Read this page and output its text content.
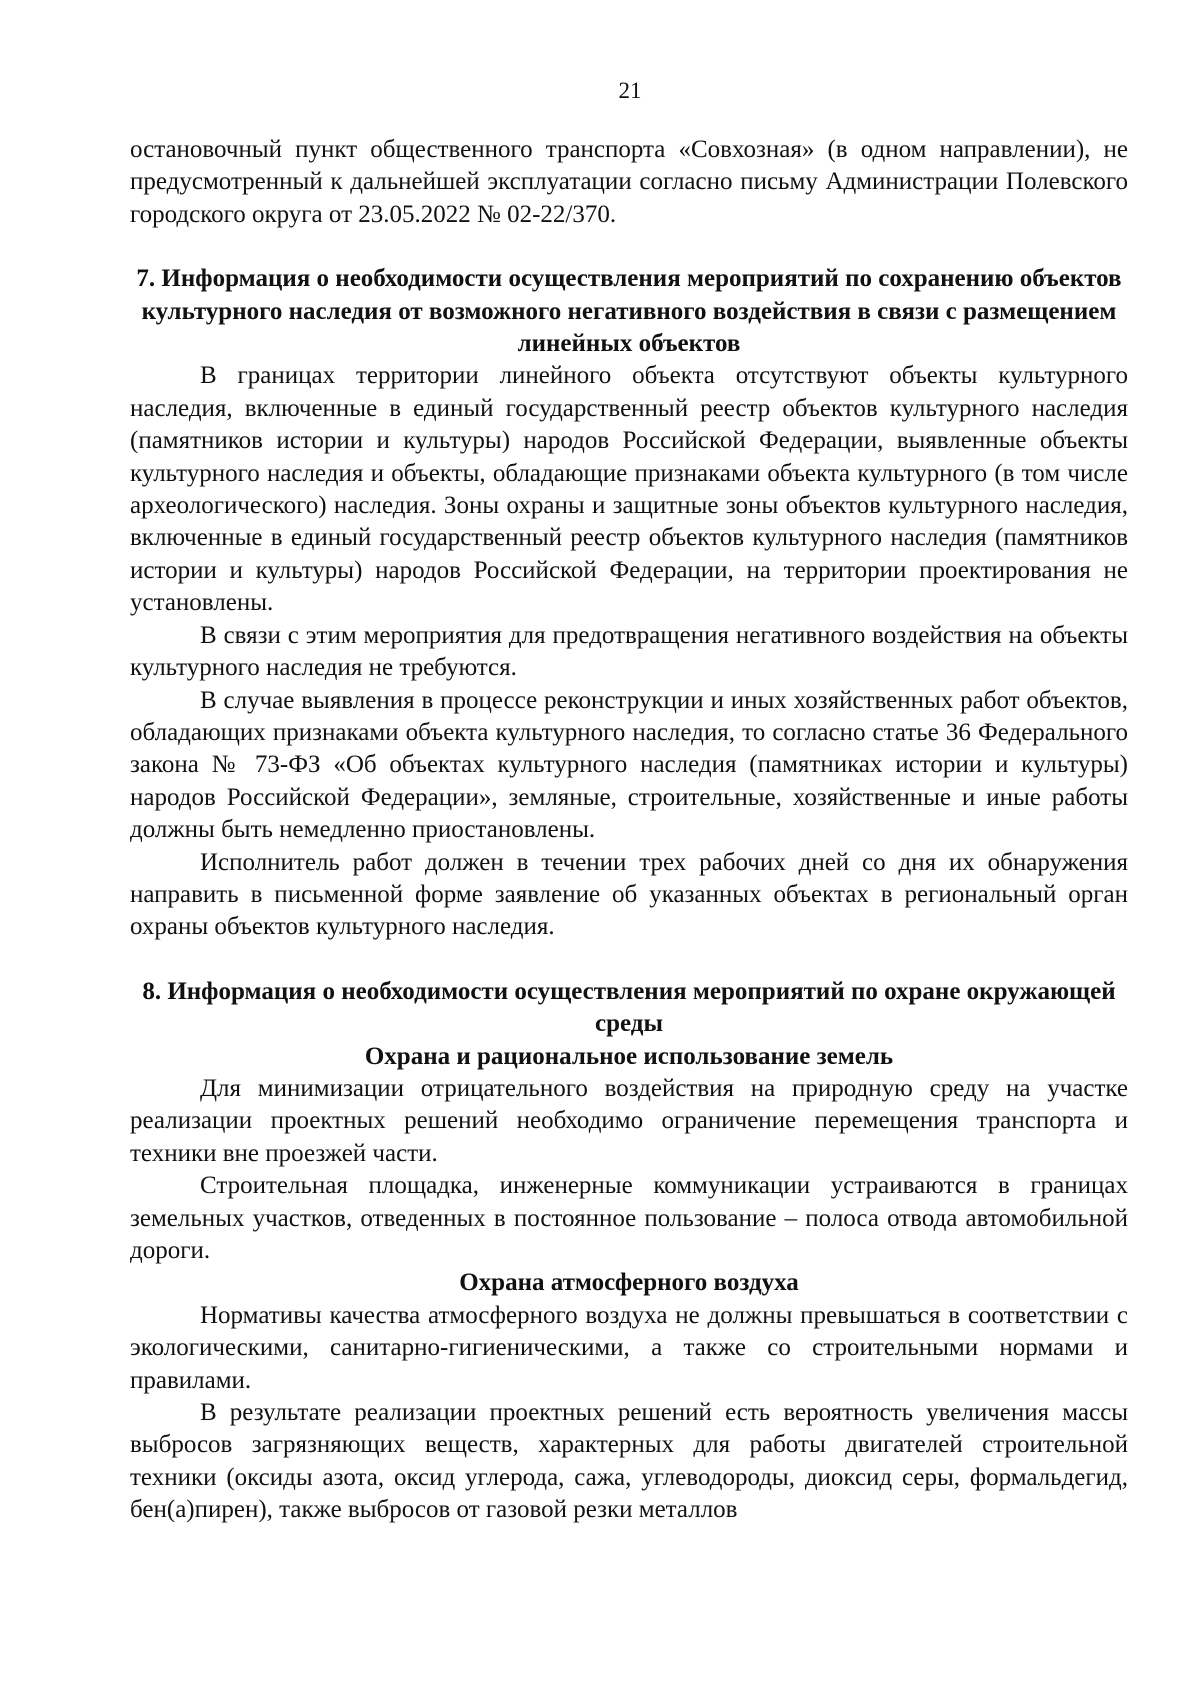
21

остановочный пункт общественного транспорта «Совхозная» (в одном направлении), не предусмотренный к дальнейшей эксплуатации согласно письму Администрации Полевского городского округа от 23.05.2022 № 02-22/370.

7. Информация о необходимости осуществления мероприятий по сохранению объектов культурного наследия от возможного негативного воздействия в связи с размещением линейных объектов

В границах территории линейного объекта отсутствуют объекты культурного наследия, включенные в единый государственный реестр объектов культурного наследия (памятников истории и культуры) народов Российской Федерации, выявленные объекты культурного наследия и объекты, обладающие признаками объекта культурного (в том числе археологического) наследия. Зоны охраны и защитные зоны объектов культурного наследия, включенные в единый государственный реестр объектов культурного наследия (памятников истории и культуры) народов Российской Федерации, на территории проектирования не установлены.

В связи с этим мероприятия для предотвращения негативного воздействия на объекты культурного наследия не требуются.

В случае выявления в процессе реконструкции и иных хозяйственных работ объектов, обладающих признаками объекта культурного наследия, то согласно статье 36 Федерального закона № 73-ФЗ «Об объектах культурного наследия (памятниках истории и культуры) народов Российской Федерации», земляные, строительные, хозяйственные и иные работы должны быть немедленно приостановлены.

Исполнитель работ должен в течении трех рабочих дней со дня их обнаружения направить в письменной форме заявление об указанных объектах в региональный орган охраны объектов культурного наследия.

8. Информация о необходимости осуществления мероприятий по охране окружающей среды
Охрана и рациональное использование земель

Для минимизации отрицательного воздействия на природную среду на участке реализации проектных решений необходимо ограничение перемещения транспорта и техники вне проезжей части.

Строительная площадка, инженерные коммуникации устраиваются в границах земельных участков, отведенных в постоянное пользование – полоса отвода автомобильной дороги.

Охрана атмосферного воздуха

Нормативы качества атмосферного воздуха не должны превышаться в соответствии с экологическими, санитарно-гигиеническими, а также со строительными нормами и правилами.

В результате реализации проектных решений есть вероятность увеличения массы выбросов загрязняющих веществ, характерных для работы двигателей строительной техники (оксиды азота, оксид углерода, сажа, углеводороды, диоксид серы, формальдегид, бен(а)пирен), также выбросов от газовой резки металлов
